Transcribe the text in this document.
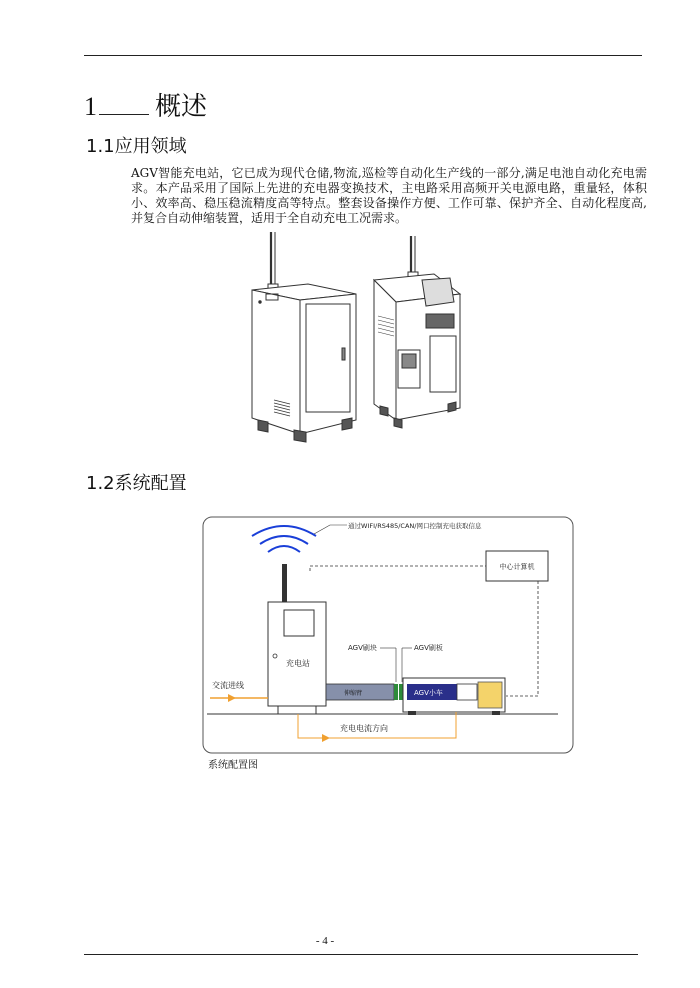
1 概述
1.1应用领域

AGV智能充电站，它已成为现代仓储,物流,巡检等自动化生产线的一部分,满足电池自动化充电需求。本产品采用了国际上先进的充电器变换技术，主电路采用高频开关电源电路，重量轻，体积小、效率高、稳压稳流精度高等特点。整套设备操作方便、工作可靠、保护齐全、自动化程度高,并复合自动伸缩装置，适用于全自动充电工况需求。

1.2系统配置
通过WIFI/RS485/CAN/网口控制充电获取信息
中心计算机
充电站
交流进线
伸缩臂
AGV刷块	AGV刷板
AGV小车
充电电流方向
系统配置图
- 4 -
